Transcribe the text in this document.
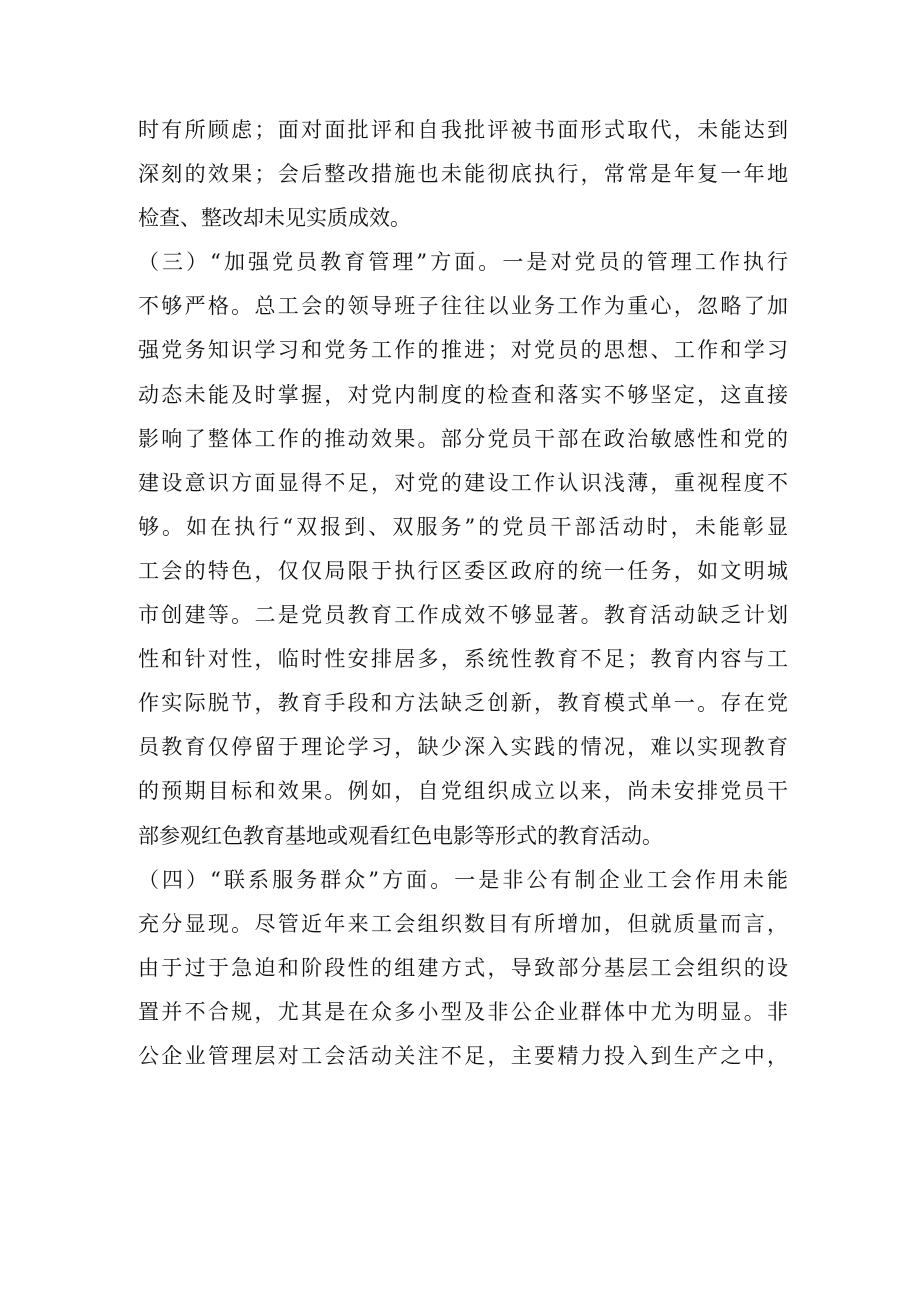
时有所顾虑；面对面批评和自我批评被书面形式取代，未能达到
深刻的效果；会后整改措施也未能彻底执行，常常是年复一年地
检查、整改却未见实质成效。
（三）“加强党员教育管理”方面。一是对党员的管理工作执行
不够严格。总工会的领导班子往往以业务工作为重心，忽略了加
强党务知识学习和党务工作的推进；对党员的思想、工作和学习
动态未能及时掌握，对党内制度的检查和落实不够坚定，这直接
影响了整体工作的推动效果。部分党员干部在政治敏感性和党的
建设意识方面显得不足，对党的建设工作认识浅薄，重视程度不
够。如在执行“双报到、双服务”的党员干部活动时，未能彰显
工会的特色，仅仅局限于执行区委区政府的统一任务，如文明城
市创建等。二是党员教育工作成效不够显著。教育活动缺乏计划
性和针对性，临时性安排居多，系统性教育不足；教育内容与工
作实际脱节，教育手段和方法缺乏创新，教育模式单一。存在党
员教育仅停留于理论学习，缺少深入实践的情况，难以实现教育
的预期目标和效果。例如，自党组织成立以来，尚未安排党员干
部参观红色教育基地或观看红色电影等形式的教育活动。
（四）“联系服务群众”方面。一是非公有制企业工会作用未能
充分显现。尽管近年来工会组织数目有所增加，但就质量而言，
由于过于急迫和阶段性的组建方式，导致部分基层工会组织的设
置并不合规，尤其是在众多小型及非公企业群体中尤为明显。非
公企业管理层对工会活动关注不足，主要精力投入到生产之中，
